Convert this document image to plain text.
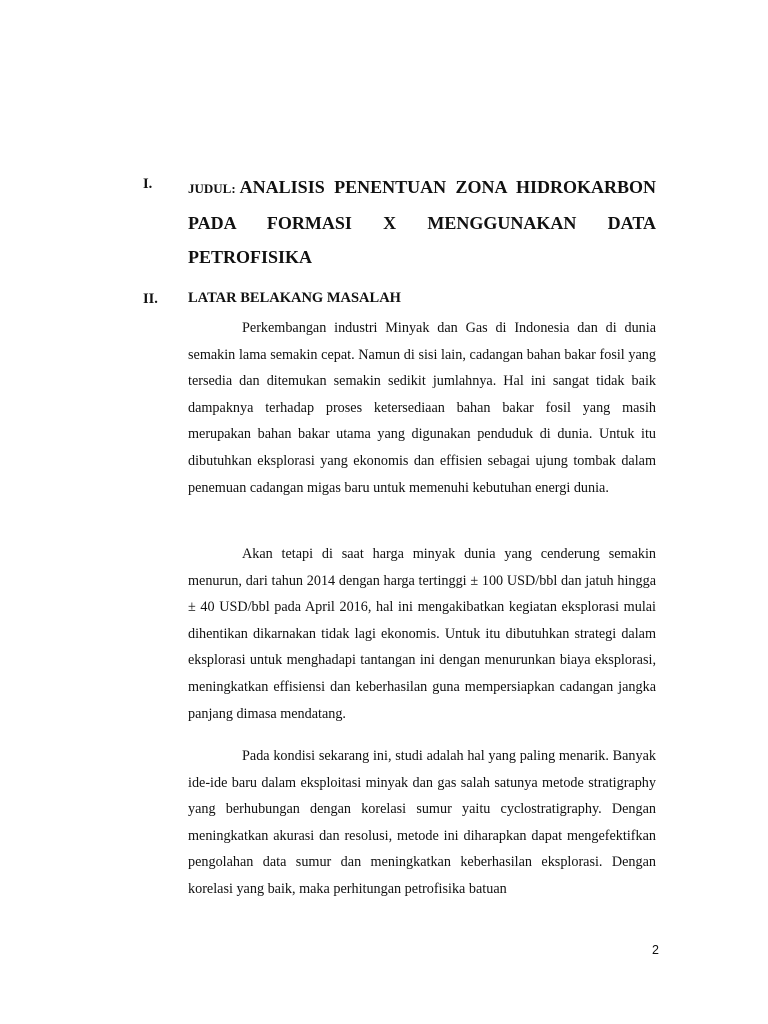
I.	JUDUL: ANALISIS PENENTUAN ZONA HIDROKARBON
PADA FORMASI X MENGGUNAKAN DATA
PETROFISIKA
II. LATAR BELAKANG MASALAH

Perkembangan industri Minyak dan Gas di Indonesia dan di dunia semakin lama semakin cepat. Namun di sisi lain, cadangan bahan bakar fosil yang tersedia dan ditemukan semakin sedikit jumlahnya. Hal ini sangat tidak baik dampaknya terhadap proses ketersediaan bahan bakar fosil yang masih merupakan bahan bakar utama yang digunakan penduduk di dunia. Untuk itu dibutuhkan eksplorasi yang ekonomis dan effisien sebagai ujung tombak dalam penemuan cadangan migas baru untuk memenuhi kebutuhan energi dunia.

Akan tetapi di saat harga minyak dunia yang cenderung semakin menurun, dari tahun 2014 dengan harga tertinggi ± 100 USD/bbl dan jatuh hingga ± 40 USD/bbl pada April 2016, hal ini mengakibatkan kegiatan eksplorasi mulai dihentikan dikarnakan tidak lagi ekonomis. Untuk itu dibutuhkan strategi dalam eksplorasi untuk menghadapi tantangan ini dengan menurunkan biaya eksplorasi, meningkatkan effisiensi dan keberhasilan guna mempersiapkan cadangan jangka panjang dimasa mendatang.

Pada kondisi sekarang ini, studi adalah hal yang paling menarik. Banyak ide-ide baru dalam eksploitasi minyak dan gas salah satunya metode stratigraphy yang berhubungan dengan korelasi sumur yaitu cyclostratigraphy. Dengan meningkatkan akurasi dan resolusi, metode ini diharapkan dapat mengefektifkan pengolahan data sumur dan meningkatkan keberhasilan eksplorasi. Dengan korelasi yang baik, maka perhitungan petrofisika batuan

2
